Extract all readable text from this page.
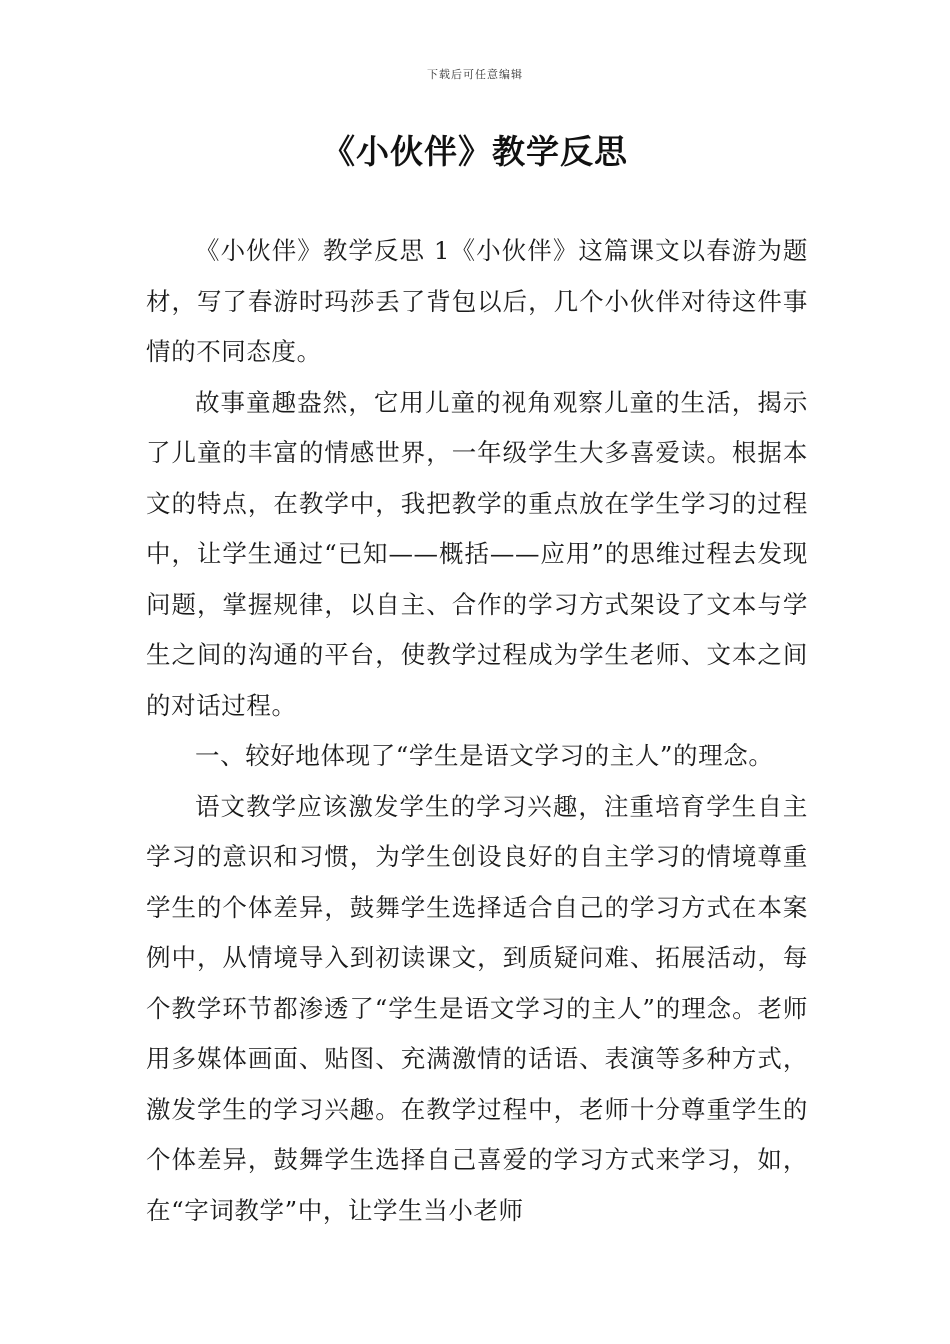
下载后可任意编辑
《小伙伴》教学反思

《小伙伴》教学反思 1《小伙伴》这篇课文以春游为题材，写了春游时玛莎丢了背包以后，几个小伙伴对待这件事情的不同态度。

故事童趣盎然，它用儿童的视角观察儿童的生活，揭示了儿童的丰富的情感世界，一年级学生大多喜爱读。根据本文的特点，在教学中，我把教学的重点放在学生学习的过程中，让学生通过“已知——概括——应用”的思维过程去发现问题，掌握规律，以自主、合作的学习方式架设了文本与学生之间的沟通的平台，使教学过程成为学生老师、文本之间的对话过程。

一、较好地体现了“学生是语文学习的主人”的理念。

语文教学应该激发学生的学习兴趣，注重培育学生自主学习的意识和习惯，为学生创设良好的自主学习的情境尊重学生的个体差异，鼓舞学生选择适合自己的学习方式在本案例中，从情境导入到初读课文，到质疑问难、拓展活动，每个教学环节都渗透了“学生是语文学习的主人”的理念。老师用多媒体画面、贴图、充满激情的话语、表演等多种方式，激发学生的学习兴趣。在教学过程中，老师十分尊重学生的个体差异，鼓舞学生选择自己喜爱的学习方式来学习，如，在“字词教学”中，让学生当小老师
